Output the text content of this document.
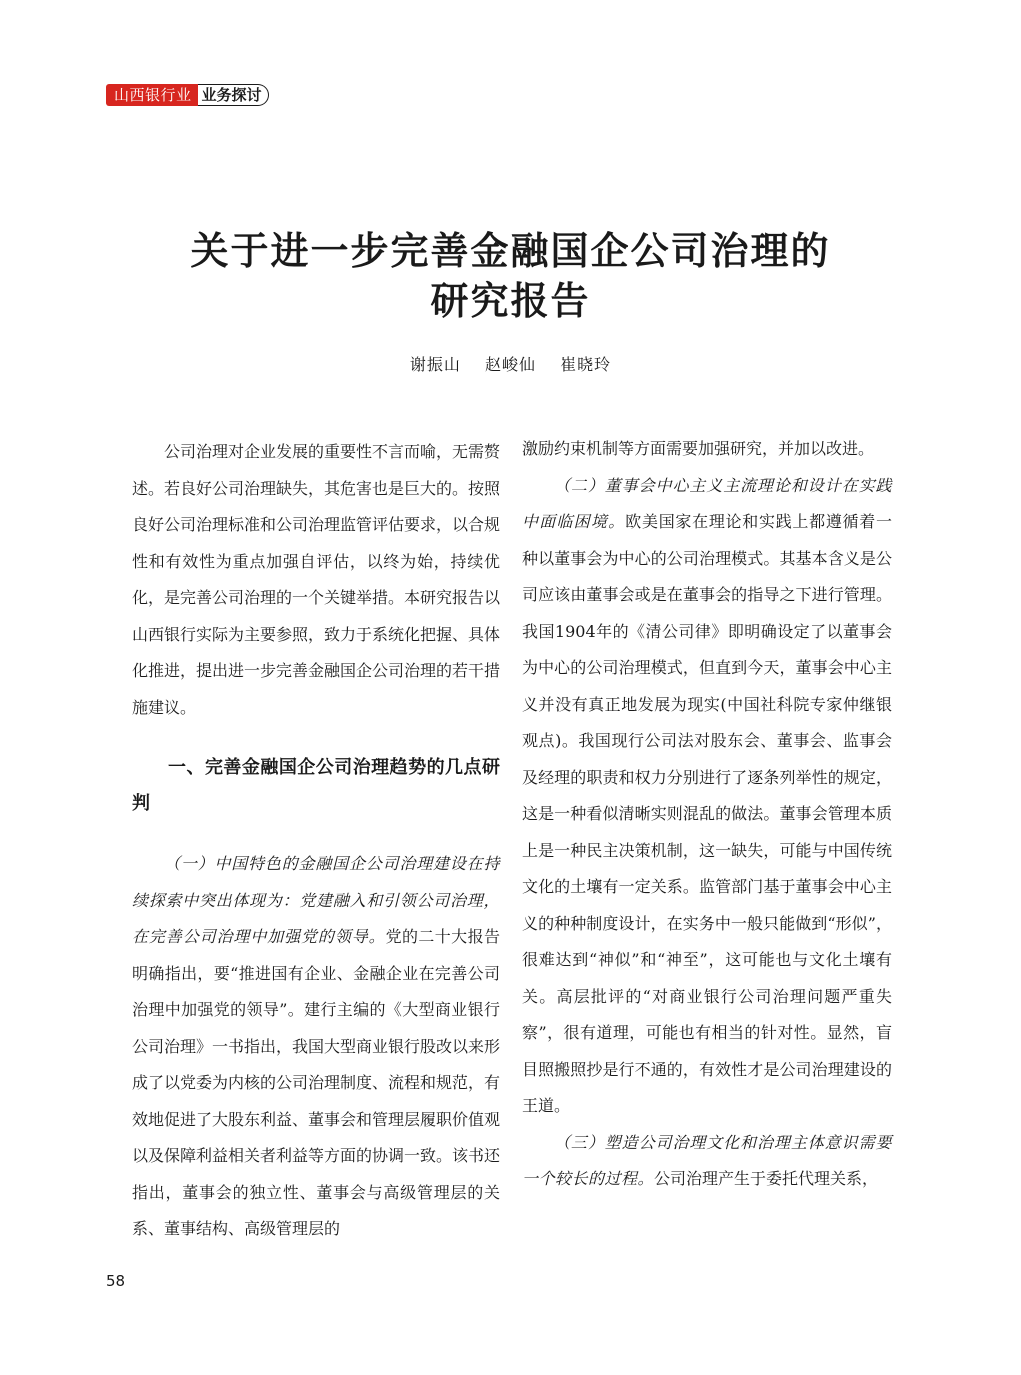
山西银行业 业务探讨
关于进一步完善金融国企公司治理的
研究报告
谢振山 赵峻仙 崔晓玲

公司治理对企业发展的重要性不言而喻，无需赘述。若良好公司治理缺失，其危害也是巨大的。按照良好公司治理标准和公司治理监管评估要求，以合规性和有效性为重点加强自评估，以终为始，持续优化，是完善公司治理的一个关键举措。本研究报告以山西银行实际为主要参照，致力于系统化把握、具体化推进，提出进一步完善金融国企公司治理的若干措施建议。

一、完善金融国企公司治理趋势的几点研判

（一）中国特色的金融国企公司治理建设在持续探索中突出体现为：党建融入和引领公司治理，在完善公司治理中加强党的领导。党的二十大报告明确指出，要“推进国有企业、金融企业在完善公司治理中加强党的领导”。建行主编的《大型商业银行公司治理》一书指出，我国大型商业银行股改以来形成了以党委为内核的公司治理制度、流程和规范，有效地促进了大股东利益、董事会和管理层履职价值观以及保障利益相关者利益等方面的协调一致。该书还指出，董事会的独立性、董事会与高级管理层的关系、董事结构、高级管理层的

激励约束机制等方面需要加强研究，并加以改进。

（二）董事会中心主义主流理论和设计在实践中面临困境。欧美国家在理论和实践上都遵循着一种以董事会为中心的公司治理模式。其基本含义是公司应该由董事会或是在董事会的指导之下进行管理。我国1904年的《清公司律》即明确设定了以董事会为中心的公司治理模式，但直到今天，董事会中心主义并没有真正地发展为现实(中国社科院专家仲继银观点)。我国现行公司法对股东会、董事会、监事会及经理的职责和权力分别进行了逐条列举性的规定，这是一种看似清晰实则混乱的做法。董事会管理本质上是一种民主决策机制，这一缺失，可能与中国传统文化的土壤有一定关系。监管部门基于董事会中心主义的种种制度设计，在实务中一般只能做到“形似”，很难达到“神似”和“神至”，这可能也与文化土壤有关。高层批评的“对商业银行公司治理问题严重失察”，很有道理，可能也有相当的针对性。显然，盲目照搬照抄是行不通的，有效性才是公司治理建设的王道。

（三）塑造公司治理文化和治理主体意识需要一个较长的过程。公司治理产生于委托代理关系，

58
